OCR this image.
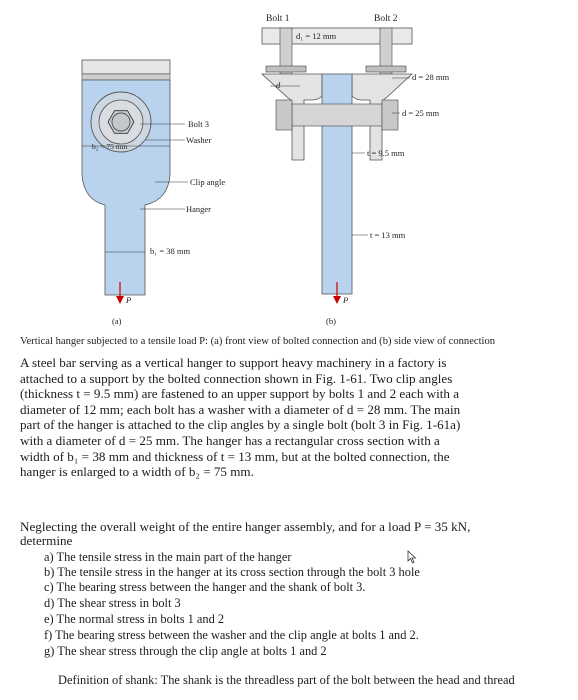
Bolt 3
Washer
b₂ = 75 mm
Clip angle
Hanger
b₁ = 38 mm
P
(a)
Bolt 1	Bolt 2
d₁ = 12 mm
d
d = 28 mm
d = 25 mm
t = 9.5 mm
t = 13 mm
P
(b)
Vertical hanger subjected to a tensile load P: (a) front view of bolted connection and (b) side view of connection
A steel bar serving as a vertical hanger to support heavy machinery in a factory is
attached to a support by the bolted connection shown in Fig. 1-61. Two clip angles
(thickness t = 9.5 mm) are fastened to an upper support by bolts 1 and 2 each with a
diameter of 12 mm; each bolt has a washer with a diameter of d = 28 mm. The main
part of the hanger is attached to the clip angles by a single bolt (bolt 3 in Fig. 1-61a)
with a diameter of d = 25 mm. The hanger has a rectangular cross section with a
width of b₁ = 38 mm and thickness of t = 13 mm, but at the bolted connection, the
hanger is enlarged to a width of b₂ = 75 mm.
Neglecting the overall weight of the entire hanger assembly, and for a load P = 35 kN,
determine
a) The tensile stress in the main part of the hanger
b) The tensile stress in the hanger at its cross section through the bolt 3 hole
c) The bearing stress between the hanger and the shank of bolt 3.
d) The shear stress in bolt 3
e) The normal stress in bolts 1 and 2
f) The bearing stress between the washer and the clip angle at bolts 1 and 2.
g) The shear stress through the clip angle at bolts 1 and 2
Definition of shank: The shank is the threadless part of the bolt between the head and thread
